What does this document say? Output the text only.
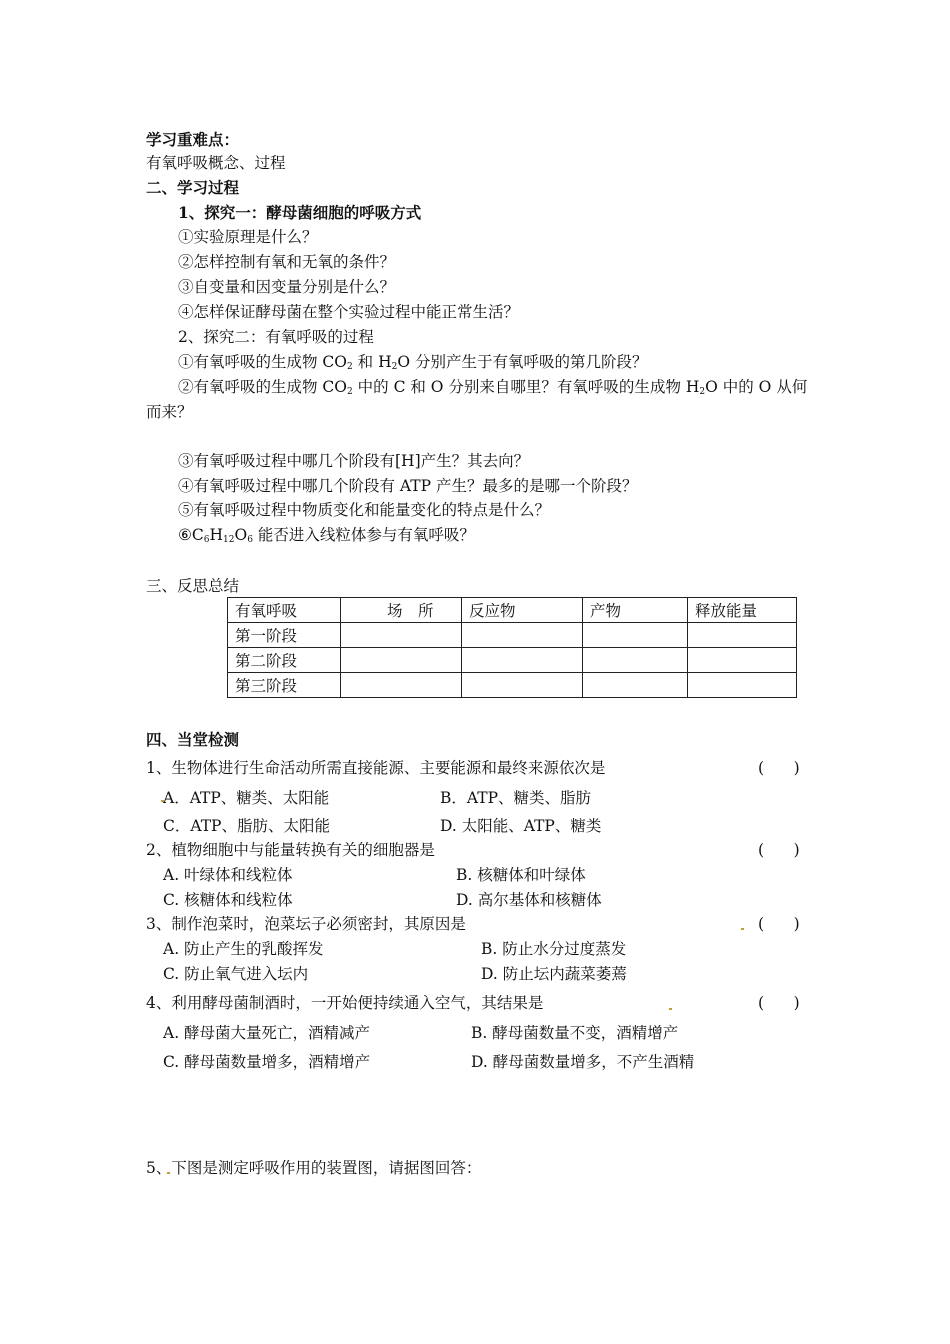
学习重难点：
有氧呼吸概念、过程
二、学习过程
1、探究一：酵母菌细胞的呼吸方式
①实验原理是什么？
②怎样控制有氧和无氧的条件？
③自变量和因变量分别是什么？
④怎样保证酵母菌在整个实验过程中能正常生活？
2、探究二：有氧呼吸的过程
①有氧呼吸的生成物 $CO_2$ 和 $H_2O$ 分别产生于有氧呼吸的第几阶段？
②有氧呼吸的生成物 $CO_2$ 中的 C 和 O 分别来自哪里？有氧呼吸的生成物 $H_2O$ 中的 O 从何
而来？
③有氧呼吸过程中哪几个阶段有[H]产生？其去向？
④有氧呼吸过程中哪几个阶段有 ATP 产生？最多的是哪一个阶段？
⑤有氧呼吸过程中物质变化和能量变化的特点是什么？
$⑥C_6H_{12}O_6$ 能否进入线粒体参与有氧呼吸？
三、反思总结
有氧呼吸	场　所	反应物	产物	释放能量
第一阶段				
第二阶段				
第三阶段				
四、当堂检测
1、生物体进行生命活动所需直接能源、主要能源和最终来源依次是	(      )
A．ATP、糖类、太阳能	B．ATP、糖类、脂肪
C．ATP、脂肪、太阳能	D. 太阳能、ATP、糖类
2、植物细胞中与能量转换有关的细胞器是	(      )
A. 叶绿体和线粒体	B. 核糖体和叶绿体
C. 核糖体和线粒体	D. 高尔基体和核糖体
3、制作泡菜时，泡菜坛子必须密封，其原因是	(      )
A. 防止产生的乳酸挥发	B. 防止水分过度蒸发
C. 防止氧气进入坛内	D. 防止坛内蔬菜萎蔫
4、利用酵母菌制酒时，一开始便持续通入空气，其结果是	(      )
A. 酵母菌大量死亡，酒精减产	B. 酵母菌数量不变，酒精增产
C. 酵母菌数量增多，酒精增产	D. 酵母菌数量增多，不产生酒精
5、下图是测定呼吸作用的装置图，请据图回答：
